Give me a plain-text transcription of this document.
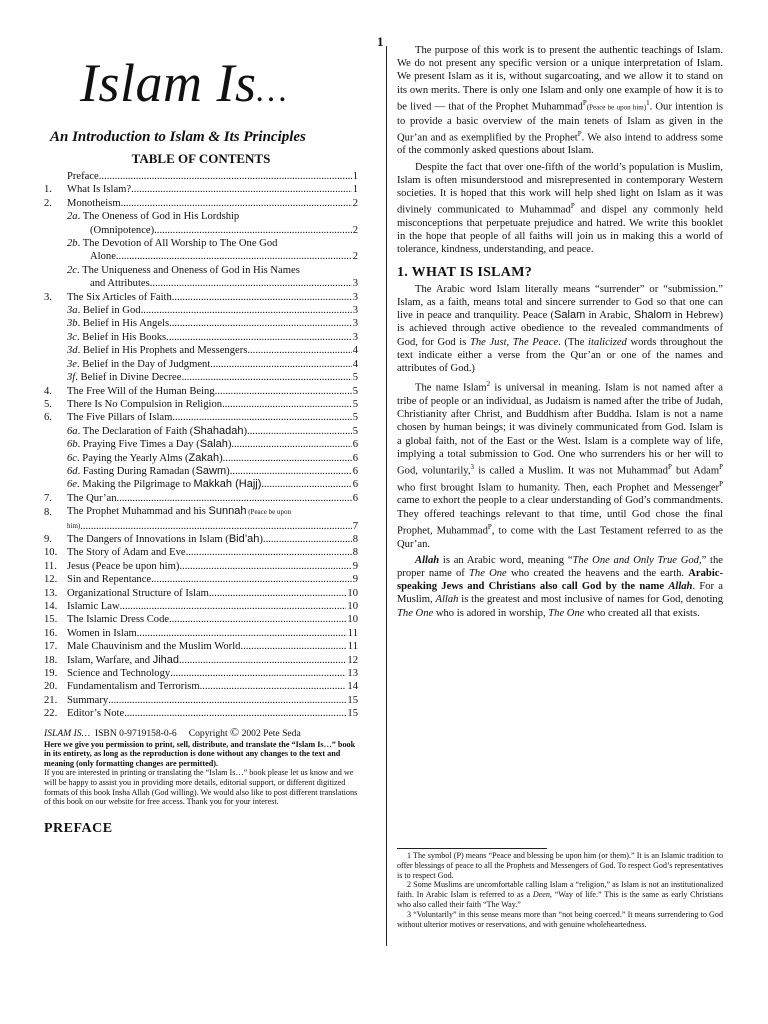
1
Islam Is…
An Introduction to Islam & Its Principles
TABLE OF CONTENTS
Preface .....	1
1.	What Is Islam? .....	1
2.	Monotheism .....	2
2a. The Oneness of God in His Lordship
(Omnipotence) .....	2
2b. The Devotion of All Worship to The One God
Alone .....	2
2c. The Uniqueness and Oneness of God in His Names
and Attributes .....	3
3.	The Six Articles of Faith .....	3
3a . Belief in God .....	3
3b . Belief in His Angels .....	3
3c . Belief in His Books .....	3
3d . Belief in His Prophets and Messengers .....	4
3e . Belief in the Day of Judgment .....	4
3f . Belief in Divine Decree .....	5
4.	The Free Will of the Human Being .....	5
5.	There Is No Compulsion in Religion .....	5
6.	The Five Pillars of Islam .....	5
6a . The Declaration of Faith (Shahadah) .....	5
6b . Praying Five Times a Day (Salah) .....	6
6c . Paying the Yearly Alms (Zakah) .....	6
6d . Fasting During Ramadan (Sawm) .....	6
6e . Making the Pilgrimage to Makkah (Hajj) .....	6
7.	The Qur’an .....	6
8.	The Prophet Muhammad and his Sunnah (Peace be upon
him) .....	7
9.	The Dangers of Innovations in Islam (Bid’ah) .....	8
10. The Story of Adam and Eve .....	8
11. Jesus (Peace be upon him) .....	9
12. Sin and Repentance .....	9
13. Organizational Structure of Islam .....	10
14. Islamic Law .....	10
15. The Islamic Dress Code .....	10
16. Women in Islam .....	11
17. Male Chauvinism and the Muslim World .....	11
18. Islam, Warfare, and Jihad .....	12
19. Science and Technology .....	13
20. Fundamentalism and Terrorism .....	14
21. Summary .....	15
22. Editor’s Note .....	15
ISLAM IS… ISBN 0-9719158-0-6 Copyright © 2002 Pete Seda
Here we give you permission to print, sell, distribute, and translate the “Islam Is…” book in its entirety, as long as the reproduction is done without any changes to the text and meaning (only formatting changes are permitted).
If you are interested in printing or translating the “Islam Is…” book please let us know and we will be happy to assist you in providing more details, editorial support, or different digitized formats of this book Insha Allah (God willing). We would also like to post different translations of this book on our website for free access. Thank you for your interest.
PREFACE

The purpose of this work is to present the authentic teachings of Islam. We do not present any specific version or a unique interpretation of Islam. We present Islam as it is, without sugarcoating, and we allow it to stand on its own merits. There is only one Islam and only one example of how it is to be lived — that of the Prophet Muhammad$^P$(Peace be upon him)$^1$. Our intention is to provide a basic overview of the main tenets of Islam as given in the Qur’an and as exemplified by the Prophet$^P$. We also intend to address some of the commonly asked questions about Islam.

Despite the fact that over one-fifth of the world’s population is Muslim, Islam is often misunderstood and misrepresented in contemporary Western societies. It is hoped that this work will help shed light on Islam as it was divinely communicated to Muhammad$^P$ and dispel any commonly held misconceptions that perpetuate prejudice and hatred. We write this booklet in the hope that people of all faiths will join us in making this a world of tolerance, kindness, understanding, and peace.

1. WHAT IS ISLAM?

The Arabic word Islam literally means “surrender” or “submission.” Islam, as a faith, means total and sincere surrender to God so that one can live in peace and tranquility. Peace (Salam in Arabic, Shalom in Hebrew) is achieved through active obedience to the revealed commandments of God, for God is The Just, The Peace. (The italicized words throughout the text indicate either a verse from the Qur’an or one of the names and attributes of God.)

The name Islam$^2$ is universal in meaning. Islam is not named after a tribe of people or an individual, as Judaism is named after the tribe of Judah, Christianity after Christ, and Buddhism after Buddha. Islam is not a name chosen by human beings; it was divinely communicated from God. Islam is a global faith, not of the East or the West. Islam is a complete way of life, implying a total submission to God. One who surrenders his or her will to God, voluntarily,$^3$ is called a Muslim. It was not Muhammad$^P$ but Adam$^P$ who first brought Islam to humanity. Then, each Prophet and Messenger$^P$ came to exhort the people to a clear understanding of God’s commandments. They offered teachings relevant to that time, until God chose the final Prophet, Muhammad$^P$, to come with the Last Testament referred to as the Qur’an.

Allah is an Arabic word, meaning “The One and Only True God,” the proper name of The One who created the heavens and the earth. Arabic-speaking Jews and Christians also call God by the name Allah. For a Muslim, Allah is the greatest and most inclusive of names for God, denoting The One who is adored in worship, The One who created all that exists.

1 The symbol (P) means “Peace and blessing be upon him (or them).” It is an Islamic tradition to offer blessings of peace to all the Prophets and Messengers of God. To respect God’s representatives is to respect God.

2 Some Muslims are uncomfortable calling Islam a “religion,” as Islam is not an institutionalized faith. In Arabic Islam is referred to as a Deen, “Way of life.” This is the same as early Christians who also called their faith “The Way.”

3 “Voluntarily” in this sense means more than “not being coerced.” It means surrendering to God without ulterior motives or reservations, and with genuine wholeheartedness.
